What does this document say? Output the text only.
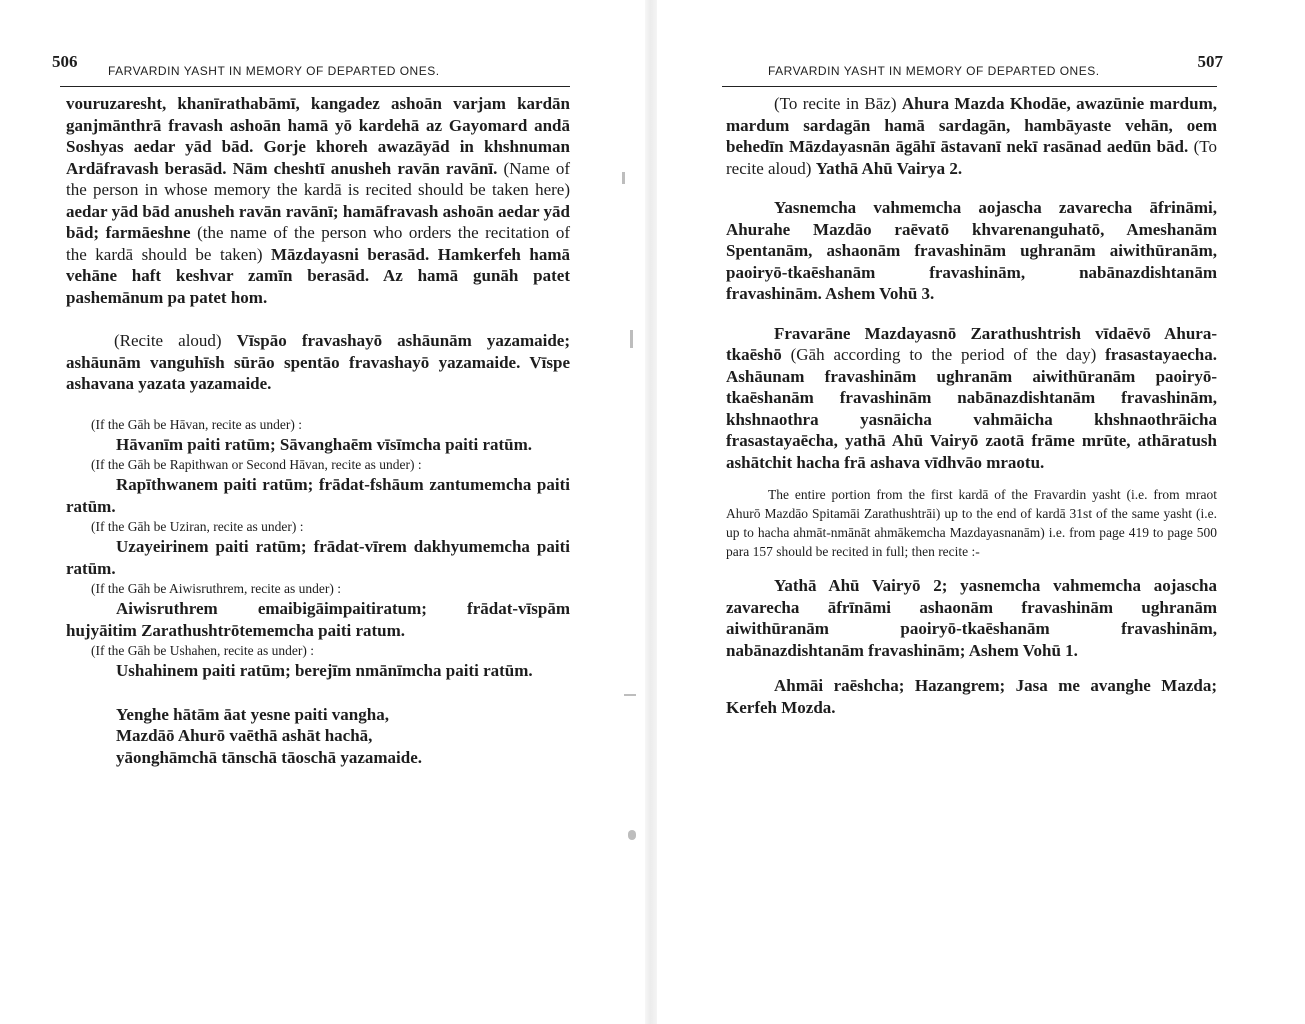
506	FARVARDIN YASHT IN MEMORY OF DEPARTED ONES.

vouruzaresht, khanīrathabāmī, kangadez ashoān varjam kardān ganjmānthrā fravash ashoān hamā yō kardehā az Gayomard andā Soshyas aedar yād bād. Gorje khoreh awazāyād in khshnuman Ardāfravash berasād. Nām cheshtī anusheh ravān ravānī. (Name of the person in whose memory the kardā is recited should be taken here) aedar yād bād anusheh ravān ravānī; hamāfravash ashoān aedar yād bād; farmāeshne (the name of the person who orders the recitation of the kardā should be taken) Māzdayasni berasād. Hamkerfeh hamā vehāne haft keshvar zamīn berasād. Az hamā gunāh patet pashemānum pa patet hom.

(Recite aloud) Vīspāo fravashayō ashāunām yazamaide; ashāunām vanguhīsh sūrāo spentāo fravashayō yazamaide. Vīspe ashavana yazata yazamaide.

(If the Gāh be Hāvan, recite as under) :

Hāvanīm paiti ratūm; Sāvanghaēm vīsīmcha paiti ratūm.

(If the Gāh be Rapithwan or Second Hāvan, recite as under) :

Rapīthwanem paiti ratūm; frādat-fshāum zantumemcha paiti ratūm.

(If the Gāh be Uziran, recite as under) :

Uzayeirinem paiti ratūm; frādat-vīrem dakhyumemcha paiti ratūm.

(If the Gāh be Aiwisruthrem, recite as under) :

Aiwisruthrem emaibigāimpaitiratum; frādat-vīspām hujyāitim Zarathushtrōtememcha paiti ratum.

(If the Gāh be Ushahen, recite as under) :

Ushahinem paiti ratūm; berejīm nmānīmcha paiti ratūm.

Yenghe hātām āat yesne paiti vangha,

Mazdāō Ahurō vaēthā ashāt hachā,

yāonghāmchā tānschā tāoschā yazamaide.

FARVARDIN YASHT IN MEMORY OF DEPARTED ONES.	507

(To recite in Bāz) Ahura Mazda Khodāe, awazūnie mardum, mardum sardagān hamā sardagān, hambāyaste vehān, oem behedīn Māzdayasnān āgāhī āstavanī nekī rasānad aedūn bād. (To recite aloud) Yathā Ahū Vairya 2.

Yasnemcha vahmemcha aojascha zavarecha āfrināmi, Ahurahe Mazdāo raēvatō khvarenanguhatō, Ameshanām Spentanām, ashaonām fravashinām ughranām aiwithūranām, paoiryō-tkaēshanām fravashinām, nabānazdishtanām fravashinām. Ashem Vohū 3.

Fravarāne Mazdayasnō Zarathushtrish vīdaēvō Ahura-tkaēshō (Gāh according to the period of the day) frasastayaecha. Ashāunam fravashinām ughranām aiwithūranām paoiryō-tkaēshanām fravashinām nabānazdishtanām fravashinām, khshnaothra yasnāicha vahmāicha khshnaothrāicha frasastayaēcha, yathā Ahū Vairyō zaotā frāme mrūte, athāratush ashātchit hacha frā ashava vīdhvāo mraotu.

The entire portion from the first kardā of the Fravardin yasht (i.e. from mraot Ahurō Mazdāo Spitamāi Zarathushtrāi) up to the end of kardā 31st of the same yasht (i.e. up to hacha ahmāt-nmānāt ahmākemcha Mazdayasnanām) i.e. from page 419 to page 500 para 157 should be recited in full; then recite :-

Yathā Ahū Vairyō 2; yasnemcha vahmemcha aojascha zavarecha āfrīnāmi ashaonām fravashinām ughranām aiwithūranām paoiryō-tkaēshanām fravashinām, nabānazdishtanām fravashinām; Ashem Vohū 1.

Ahmāi raēshcha; Hazangrem; Jasa me avanghe Mazda; Kerfeh Mozda.
